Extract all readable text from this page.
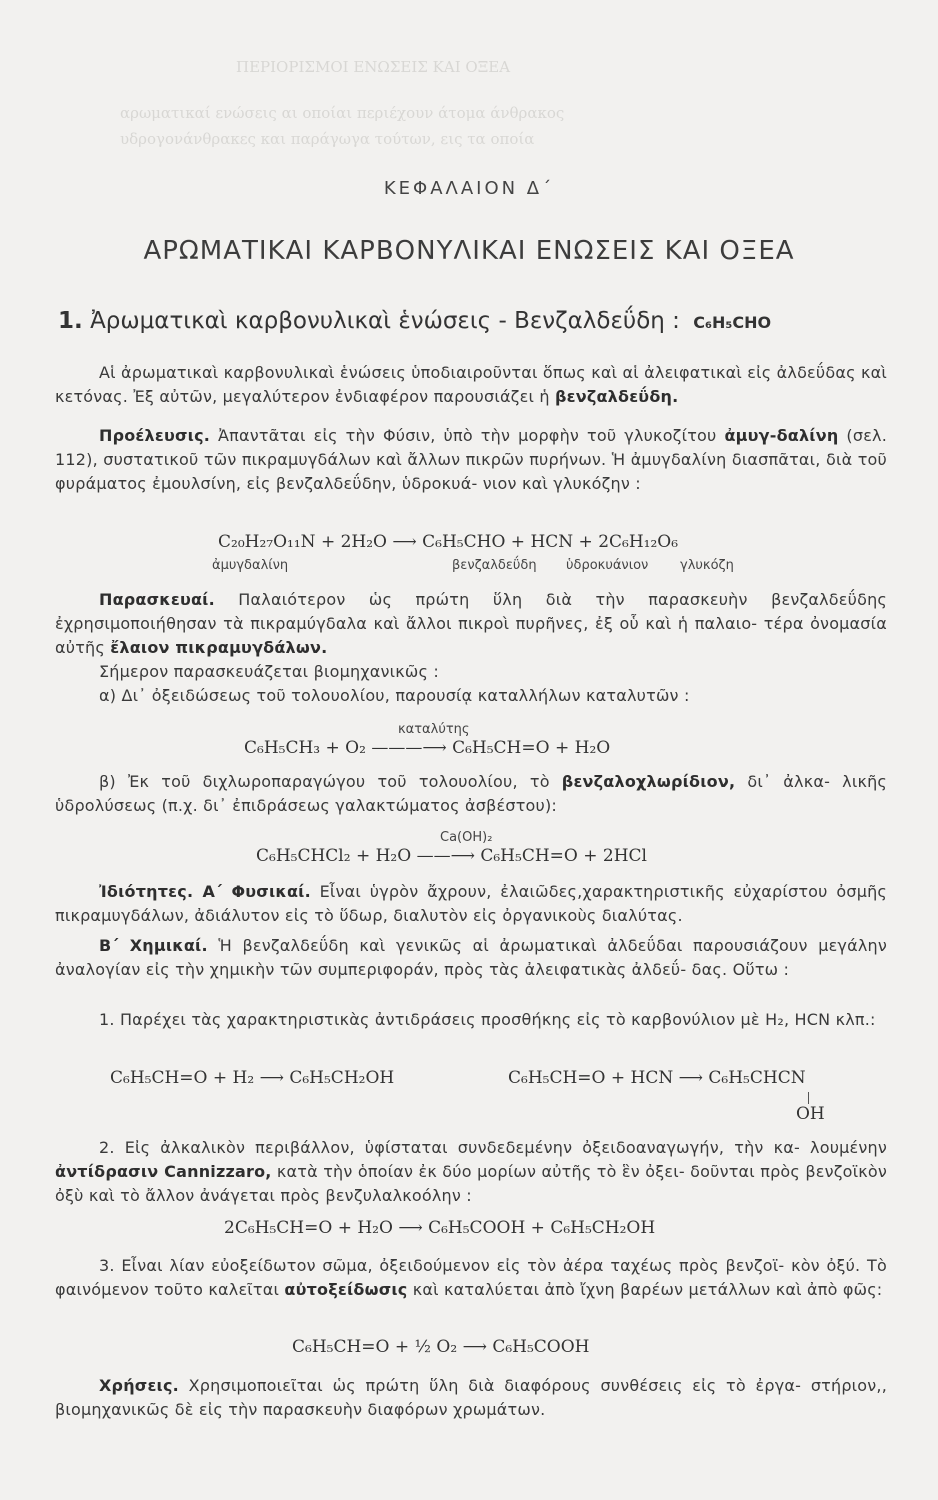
ΠΕΡΙΟΡΙΣΜΟΙ ΕΝΩΣΕΙΣ ΚΑΙ ΟΞΕΑ
αρωματικαί ενώσεις αι οποίαι περιέχουν άτομα άνθρακος
υδρογονάνθρακες και παράγωγα τούτων, εις τα οποία
ΚΕΦΑΛΑΙΟΝ Δ΄
ΑΡΩΜΑΤΙΚΑΙ ΚΑΡΒΟΝΥΛΙΚΑΙ ΕΝΩΣΕΙΣ ΚΑΙ ΟΞΕΑ
1. Ἀρωματικαὶ καρβονυλικαὶ ἑνώσεις - Βενζαλδεΰδη : C₆H₅CHO
Αἱ ἀρωματικαὶ καρβονυλικαὶ ἑνώσεις ὑποδιαιροῦνται ὅπως καὶ αἱ ἀλειφατικαὶ εἰς ἀλδεΰδας καὶ κετόνας. Ἐξ αὐτῶν, μεγαλύτερον ἐνδιαφέρον παρουσιάζει ἡ βενζαλδεΰδη.
Προέλευσις. Ἀπαντᾶται εἰς τὴν Φύσιν, ὑπὸ τὴν μορφὴν τοῦ γλυκοζίτου ἀμυγ-δαλίνη (σελ. 112), συστατικοῦ τῶν πικραμυγδάλων καὶ ἄλλων πικρῶν πυρήνων. Ἡ ἀμυγδαλίνη διασπᾶται, διὰ τοῦ φυράματος ἐμουλσίνη, εἰς βενζαλδεΰδην, ὑδροκυά- νιον καὶ γλυκόζην :
C₂₀H₂₇O₁₁N + 2H₂O ⟶ C₆H₅CHO + HCN + 2C₆H₁₂O₆
ἀμυγδαλίνη	βενζαλδεΰδη ὑδροκυάνιον γλυκόζη
Παρασκευαί. Παλαιότερον ὡς πρώτη ὕλη διὰ τὴν παρασκευὴν βενζαλδεΰδης ἐχρησιμοποιήθησαν τὰ πικραμύγδαλα καὶ ἄλλοι πικροὶ πυρῆνες, ἐξ οὗ καὶ ἡ παλαιο- τέρα ὀνομασία αὐτῆς ἔλαιον πικραμυγδάλων.
Σήμερον παρασκευάζεται βιομηχανικῶς :
α) Δι᾽ ὀξειδώσεως τοῦ τολουολίου, παρουσίᾳ καταλλήλων καταλυτῶν :
καταλύτης
C₆H₅CH₃ + O₂ ———⟶ C₆H₅CH=O + H₂O
β) Ἐκ τοῦ διχλωροπαραγώγου τοῦ τολουολίου, τὸ βενζαλοχλωρίδιον, δι᾽ ἀλκα- λικῆς ὑδρολύσεως (π.χ. δι᾽ ἐπιδράσεως γαλακτώματος ἀσβέστου):
Ca(OH)₂
C₆H₅CHCl₂ + H₂O ——⟶ C₆H₅CH=O + 2HCl
Ἰδιότητες. Α΄ Φυσικαί. Εἶναι ὑγρὸν ἄχρουν, ἐλαιῶδες,χαρακτηριστικῆς εὐχαρίστου ὀσμῆς πικραμυγδάλων, ἀδιάλυτον εἰς τὸ ὕδωρ, διαλυτὸν εἰς ὀργανικοὺς διαλύτας.
Β΄ Χημικαί. Ἡ βενζαλδεΰδη καὶ γενικῶς αἱ ἀρωματικαὶ ἀλδεΰδαι παρουσιάζουν μεγάλην ἀναλογίαν εἰς τὴν χημικὴν τῶν συμπεριφοράν, πρὸς τὰς ἀλειφατικὰς ἀλδεΰ- δας. Οὕτω :
1. Παρέχει τὰς χαρακτηριστικὰς ἀντιδράσεις προσθήκης εἰς τὸ καρβονύλιον μὲ H₂, HCN κλπ.:
C₆H₅CH=O + H₂ ⟶ C₆H₅CH₂OH	C₆H₅CH=O + HCN ⟶ C₆H₅CHCN
OH
2. Εἰς ἀλκαλικὸν περιβάλλον, ὑφίσταται συνδεδεμένην ὀξειδοαναγωγήν, τὴν κα- λουμένην ἀντίδρασιν Cannizzaro, κατὰ τὴν ὁποίαν ἐκ δύο μορίων αὐτῆς τὸ ἓν ὀξει- δοῦνται πρὸς βενζοϊκὸν ὀξὺ καὶ τὸ ἄλλον ἀνάγεται πρὸς βενζυλαλκοόλην :
2C₆H₅CH=O + H₂O ⟶ C₆H₅COOH + C₆H₅CH₂OH
3. Εἶναι λίαν εὐοξείδωτον σῶμα, ὀξειδούμενον εἰς τὸν ἀέρα ταχέως πρὸς βενζοϊ- κὸν ὀξύ. Τὸ φαινόμενον τοῦτο καλεῖται αὐτοξείδωσις καὶ καταλύεται ἀπὸ ἴχνη βαρέων μετάλλων καὶ ἀπὸ φῶς:
C₆H₅CH=O + ½ O₂ ⟶ C₆H₅COOH
Χρήσεις. Χρησιμοποιεῖται ὡς πρώτη ὕλη διὰ διαφόρους συνθέσεις εἰς τὸ ἐργα- στήριον,, βιομηχανικῶς δὲ εἰς τὴν παρασκευὴν διαφόρων χρωμάτων.
